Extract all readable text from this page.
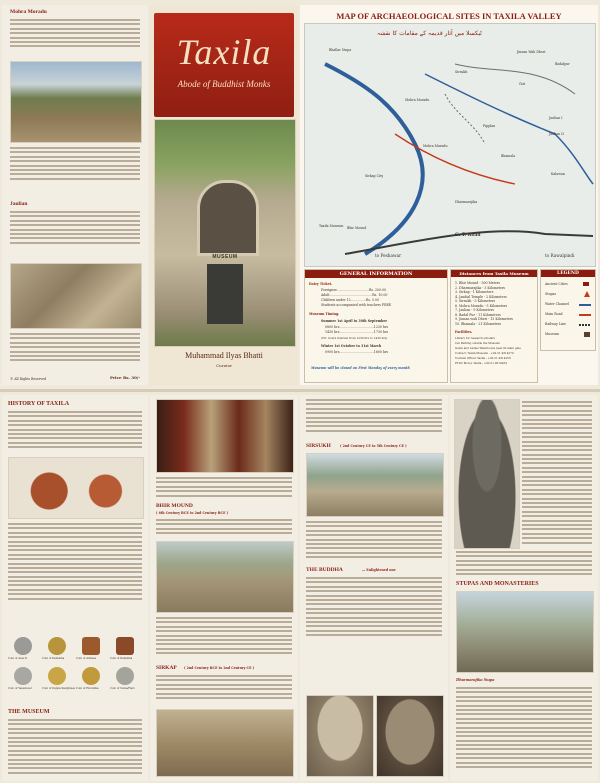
Mohra Moradu
Jaulian
© All Rights Reserved	Price Rs. 30/-
Taxila
Abode of Buddhist Monks
MUSEUM
Muhammad Ilyas Bhatti
Curator
MAP OF ARCHAEOLOGICAL SITES IN TAXILA VALLEY
ٹیکسلا میں آثار قدیمہ کے مقامات کا نقشہ
Bhallar Stupa	Jinnan Wali Dheri
Badalpur
Giri
Sirsukh
Mohra Moradu
Pipplan
Jaulian I
Jaulian II
Kalawan
Dharmarajika
Sirkap City
Taxila Museum Bhir Mound
Mohra Muradu
Bhamala
to Peshawar
G. T. Road
to Rawalpindi
GENERAL INFORMATION
Entry Ticket.
Foreigner................................Rs. 200.00
Adult..........................................Rs. 10.00
Children under 12...............Rs. 5.00
Students accompanied with teachers FREE
Museum Timing.
Summer 1st April to 30th September
0800 hrs..................................1230 hrs
1430 hrs..................................1730 hrs
(Fri: hours interval from 1230 hrs to 1430 hrs)
Winter 1st October to 31st March
0900 hrs..................................1600 hrs
Museum will be closed on First Monday of every month
Distances from Taxila Museum
1. Bhir Mound - 500 Meters
2. Dharmarajika - 3 Kilometers
3. Sirkap - 1 Kilometers
4. Jandial Temple - 2 Kilometers
5. Sirsukh - 5 Kilometers
6. Mohra Moradu - 5 Kilometers
7. Jaulian - 9 Kilometers
8. Badal Pur - 11 Kilometers
9. Jinnan wali Dheri - 13 Kilometers
10. Bhamala - 21 Kilometers
Facilities.
Library for research scholars
Car Parking outside the Museum
Gents and Ladies Washrooms near its main gate
Contact: Taxila Museum - +92-51-9314270
Tourism Officer Taxila - +92-51-9314259
PTDC Motel, Taxila - +92-51-9314284
LEGEND
Ancient Cities
Stupas
Water Channel
Main Road
Railway Line
Museum
HISTORY OF TAXILA
Coin of Azes II	Coin of Kanishka	Coin of Azilises	Coin of Kanishka
Coin of Vasudeva I	Coin of Kujula Kadphises Coin of Huvishka	Coin of Soma/Hero
THE MUSEUM
BHIR MOUND
( 6th Century BCE to 2nd Century BCE )
SIRKAP ( 2nd Century BCE to 2nd Century CE )
SIRSUKH	( 2nd Century CE to 5th Century CE )
THE BUDDHA	— Enlightened one
STUPAS AND MONASTERIES
Dharmarajika Stupa
